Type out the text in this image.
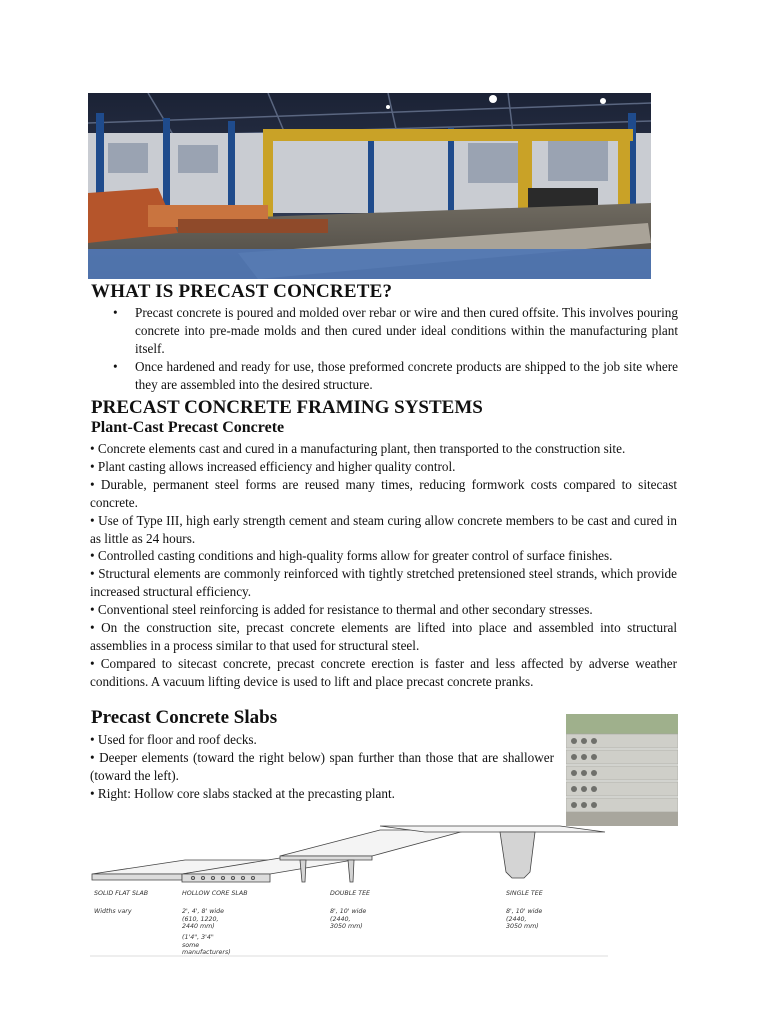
WHAT IS PRECAST CONCRETE?
• Precast concrete is poured and molded over rebar or wire and then cured offsite. This involves pouring concrete into pre-made molds and then cured under ideal conditions within the manufacturing plant itself.
• Once hardened and ready for use, those preformed concrete products are shipped to the job site where they are assembled into the desired structure.
PRECAST CONCRETE FRAMING SYSTEMS
Plant-Cast Precast Concrete

• Concrete elements cast and cured in a manufacturing plant, then transported to the construction site.

• Plant casting allows increased efficiency and higher quality control.

• Durable, permanent steel forms are reused many times, reducing formwork costs compared to sitecast concrete.

• Use of Type III, high early strength cement and steam curing allow concrete members to be cast and cured in as little as 24 hours.

• Controlled casting conditions and high-quality forms allow for greater control of surface finishes.

• Structural elements are commonly reinforced with tightly stretched pretensioned steel strands, which provide increased structural efficiency.

• Conventional steel reinforcing is added for resistance to thermal and other secondary stresses.

• On the construction site, precast concrete elements are lifted into place and assembled into structural assemblies in a process similar to that used for structural steel.

• Compared to sitecast concrete, precast concrete erection is faster and less affected by adverse weather conditions. A vacuum lifting device is used to lift and place precast concrete pranks.

Precast Concrete Slabs

• Used for floor and roof decks.

• Deeper elements (toward the right below) span further than those that are shallower (toward the left).

• Right: Hollow core slabs stacked at the precasting plant.

SOLID FLAT SLAB
Widths vary
HOLLOW CORE SLAB
2', 4', 8' wide
(610, 1220,
2440 mm)
(1'4", 3'4"
some
manufacturers)
DOUBLE TEE
8', 10' wide
(2440,
3050 mm)
SINGLE TEE
8', 10' wide
(2440,
3050 mm)
